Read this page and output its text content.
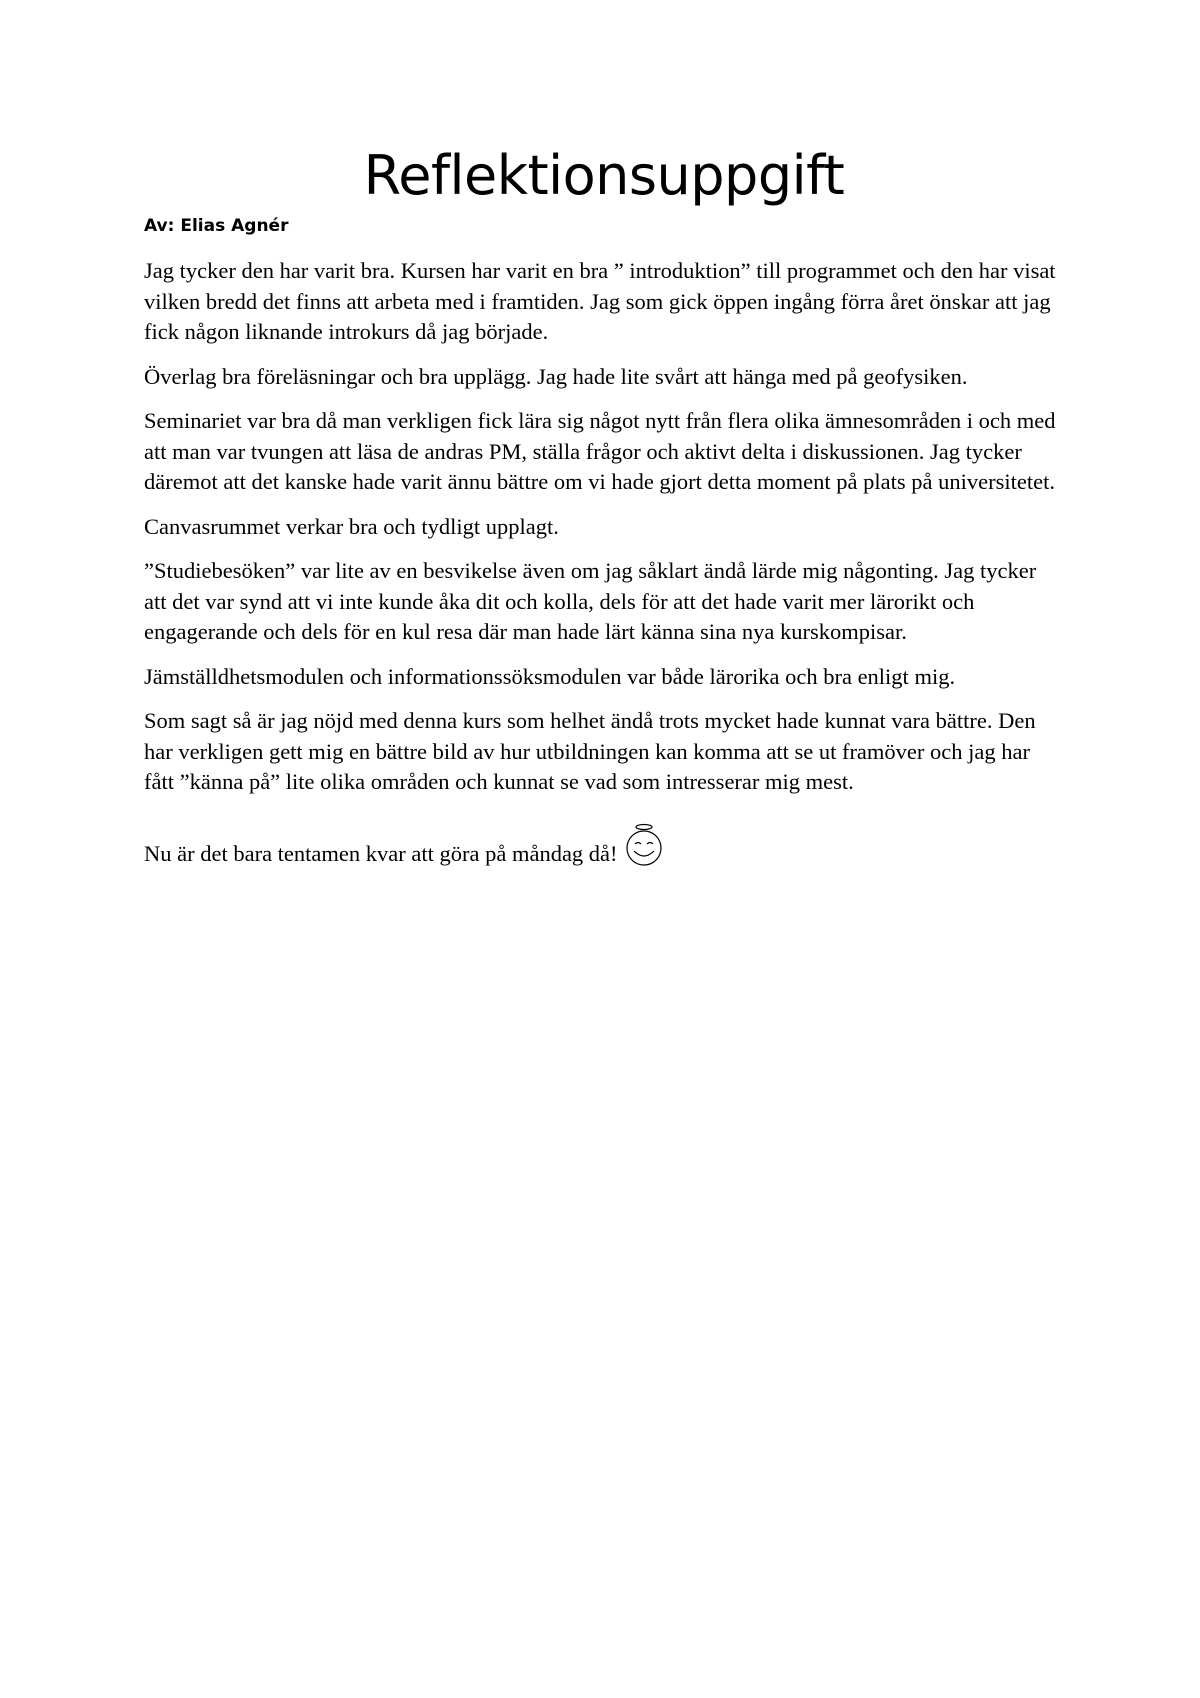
Reflektionsuppgift

Av: Elias Agnér

Jag tycker den har varit bra. Kursen har varit en bra ” introduktion” till programmet och den har visat vilken bredd det finns att arbeta med i framtiden. Jag som gick öppen ingång förra året önskar att jag fick någon liknande introkurs då jag började.

Överlag bra föreläsningar och bra upplägg. Jag hade lite svårt att hänga med på geofysiken.

Seminariet var bra då man verkligen fick lära sig något nytt från flera olika ämnesområden i och med att man var tvungen att läsa de andras PM, ställa frågor och aktivt delta i diskussionen. Jag tycker däremot att det kanske hade varit ännu bättre om vi hade gjort detta moment på plats på universitetet.

Canvasrummet verkar bra och tydligt upplagt.

”Studiebesöken” var lite av en besvikelse även om jag såklart ändå lärde mig någonting. Jag tycker att det var synd att vi inte kunde åka dit och kolla, dels för att det hade varit mer lärorikt och engagerande och dels för en kul resa där man hade lärt känna sina nya kurskompisar.

Jämställdhetsmodulen och informationssöksmodulen var både lärorika och bra enligt mig.

Som sagt så är jag nöjd med denna kurs som helhet ändå trots mycket hade kunnat vara bättre. Den har verkligen gett mig en bättre bild av hur utbildningen kan komma att se ut framöver och jag har fått ”känna på” lite olika områden och kunnat se vad som intresserar mig mest.

Nu är det bara tentamen kvar att göra på måndag då!
